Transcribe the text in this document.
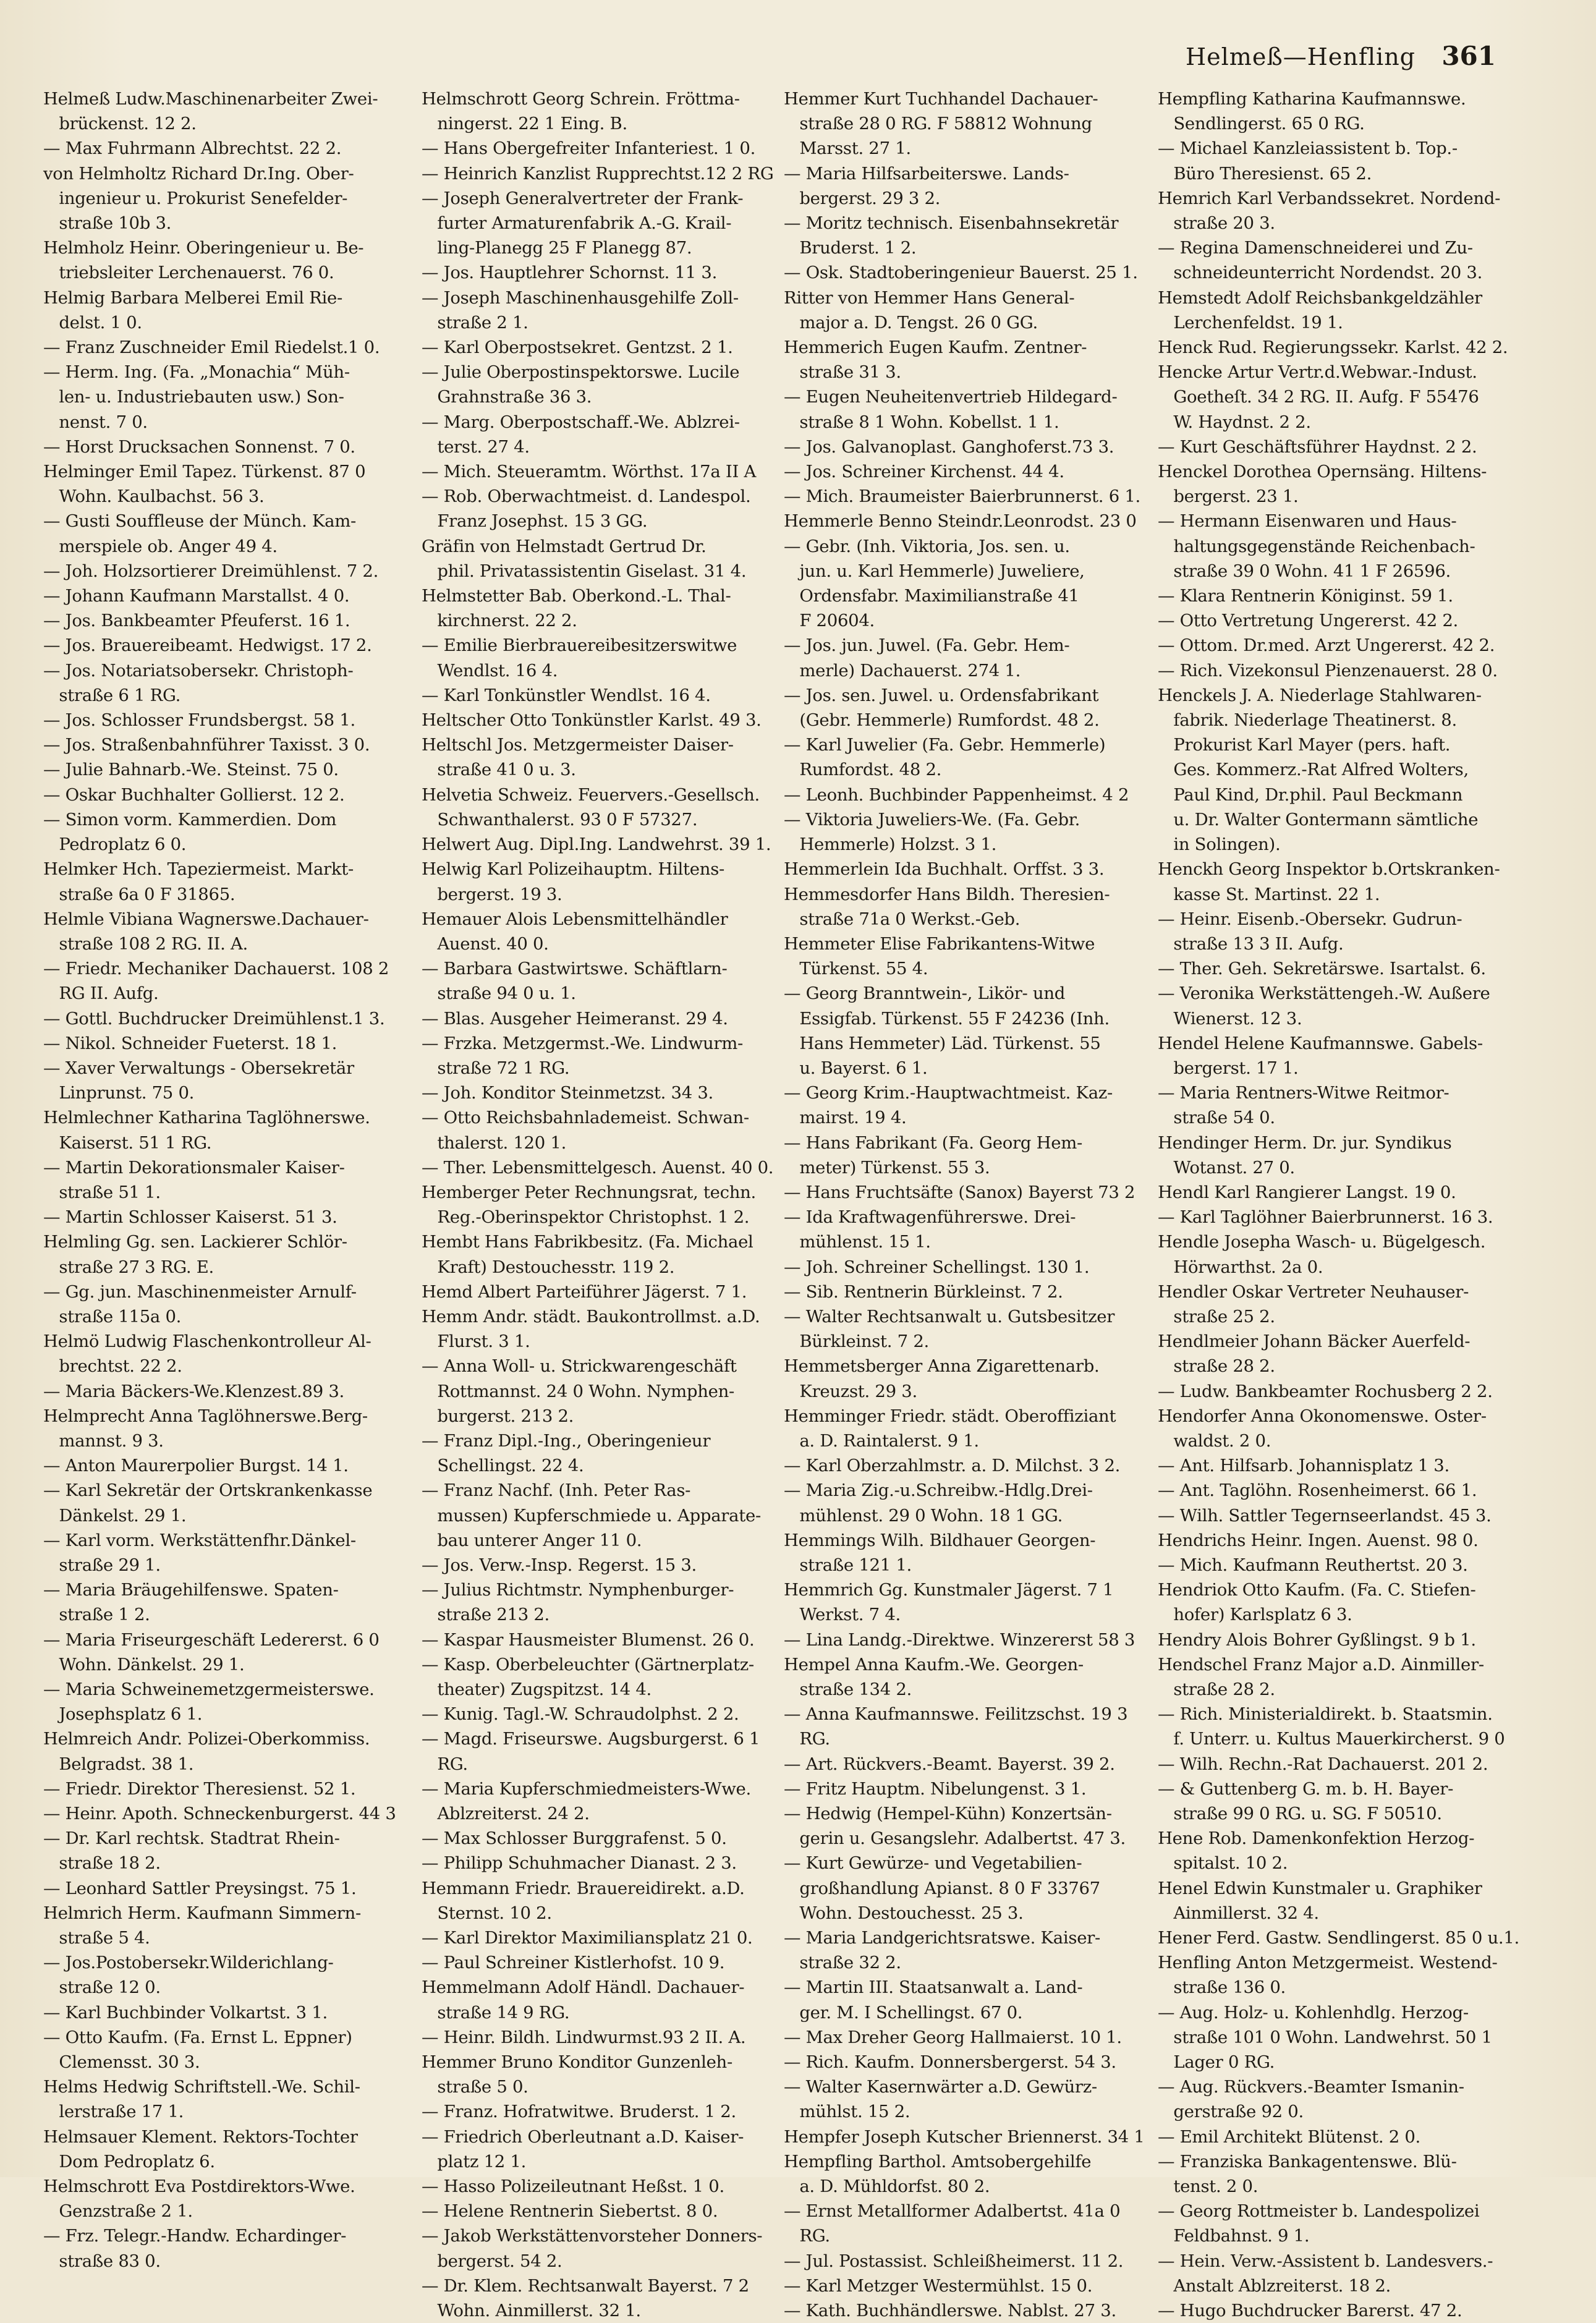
Helmeß—Henfling 361
Helmeß Ludw.Maschinenarbeiter Zwei-
brückenst. 12 2.
— Max Fuhrmann Albrechtst. 22 2.
von Helmholtz Richard Dr.Ing. Ober-
ingenieur u. Prokurist Senefelder-
straße 10b 3.
Helmholz Heinr. Oberingenieur u. Be-
triebsleiter Lerchenauerst. 76 0.
Helmig Barbara Melberei Emil Rie-
delst. 1 0.
— Franz Zuschneider Emil Riedelst.1 0.
— Herm. Ing. (Fa. „Monachia“ Müh-
len- u. Industriebauten usw.) Son-
nenst. 7 0.
— Horst Drucksachen Sonnenst. 7 0.
Helminger Emil Tapez. Türkenst. 87 0
Wohn. Kaulbachst. 56 3.
— Gusti Souffleuse der Münch. Kam-
merspiele ob. Anger 49 4.
— Joh. Holzsortierer Dreimühlenst. 7 2.
— Johann Kaufmann Marstallst. 4 0.
— Jos. Bankbeamter Pfeuferst. 16 1.
— Jos. Brauereibeamt. Hedwigst. 17 2.
— Jos. Notariatsobersekr. Christoph-
straße 6 1 RG.
— Jos. Schlosser Frundsbergst. 58 1.
— Jos. Straßenbahnführer Taxisst. 3 0.
— Julie Bahnarb.-We. Steinst. 75 0.
— Oskar Buchhalter Gollierst. 12 2.
— Simon vorm. Kammerdien. Dom
Pedroplatz 6 0.
Helmker Hch. Tapeziermeist. Markt-
straße 6a 0 F 31865.
Helmle Vibiana Wagnerswe.Dachauer-
straße 108 2 RG. II. A.
— Friedr. Mechaniker Dachauerst. 108 2
RG II. Aufg.
— Gottl. Buchdrucker Dreimühlenst.1 3.
— Nikol. Schneider Fueterst. 18 1.
— Xaver Verwaltungs - Obersekretär
Linprunst. 75 0.
Helmlechner Katharina Taglöhnerswe.
Kaiserst. 51 1 RG.
— Martin Dekorationsmaler Kaiser-
straße 51 1.
— Martin Schlosser Kaiserst. 51 3.
Helmling Gg. sen. Lackierer Schlör-
straße 27 3 RG. E.
— Gg. jun. Maschinenmeister Arnulf-
straße 115a 0.
Helmö Ludwig Flaschenkontrolleur Al-
brechtst. 22 2.
— Maria Bäckers-We.Klenzest.89 3.
Helmprecht Anna Taglöhnerswe.Berg-
mannst. 9 3.
— Anton Maurerpolier Burgst. 14 1.
— Karl Sekretär der Ortskrankenkasse
Dänkelst. 29 1.
— Karl vorm. Werkstättenfhr.Dänkel-
straße 29 1.
— Maria Bräugehilfenswe. Spaten-
straße 1 2.
— Maria Friseurgeschäft Ledererst. 6 0
Wohn. Dänkelst. 29 1.
— Maria Schweinemetzgermeisterswe.
Josephsplatz 6 1.
Helmreich Andr. Polizei-Oberkommiss.
Belgradst. 38 1.
— Friedr. Direktor Theresienst. 52 1.
— Heinr. Apoth. Schneckenburgerst. 44 3
— Dr. Karl rechtsk. Stadtrat Rhein-
straße 18 2.
— Leonhard Sattler Preysingst. 75 1.
Helmrich Herm. Kaufmann Simmern-
straße 5 4.
— Jos.Postobersekr.Wilderichlang-
straße 12 0.
— Karl Buchbinder Volkartst. 3 1.
— Otto Kaufm. (Fa. Ernst L. Eppner)
Clemensst. 30 3.
Helms Hedwig Schriftstell.-We. Schil-
lerstraße 17 1.
Helmsauer Klement. Rektors-Tochter
Dom Pedroplatz 6.
Helmschrott Eva Postdirektors-Wwe.
Genzstraße 2 1.
— Frz. Telegr.-Handw. Echardinger-
straße 83 0.
Helmschrott Georg Schrein. Fröttma-
ningerst. 22 1 Eing. B.
— Hans Obergefreiter Infanteriest. 1 0.
— Heinrich Kanzlist Rupprechtst.12 2 RG
— Joseph Generalvertreter der Frank-
furter Armaturenfabrik A.-G. Krail-
ling-Planegg 25 F Planegg 87.
— Jos. Hauptlehrer Schornst. 11 3.
— Joseph Maschinenhausgehilfe Zoll-
straße 2 1.
— Karl Oberpostsekret. Gentzst. 2 1.
— Julie Oberpostinspektorswe. Lucile
Grahnstraße 36 3.
— Marg. Oberpostschaff.-We. Ablzrei-
terst. 27 4.
— Mich. Steueramtm. Wörthst. 17a II A
— Rob. Oberwachtmeist. d. Landespol.
Franz Josephst. 15 3 GG.
Gräfin von Helmstadt Gertrud Dr.
phil. Privatassistentin Giselast. 31 4.
Helmstetter Bab. Oberkond.-L. Thal-
kirchnerst. 22 2.
— Emilie Bierbrauereibesitzerswitwe
Wendlst. 16 4.
— Karl Tonkünstler Wendlst. 16 4.
Heltscher Otto Tonkünstler Karlst. 49 3.
Heltschl Jos. Metzgermeister Daiser-
straße 41 0 u. 3.
Helvetia Schweiz. Feuervers.-Gesellsch.
Schwanthalerst. 93 0 F 57327.
Helwert Aug. Dipl.Ing. Landwehrst. 39 1.
Helwig Karl Polizeihauptm. Hiltens-
bergerst. 19 3.
Hemauer Alois Lebensmittelhändler
Auenst. 40 0.
— Barbara Gastwirtswe. Schäftlarn-
straße 94 0 u. 1.
— Blas. Ausgeher Heimeranst. 29 4.
— Frzka. Metzgermst.-We. Lindwurm-
straße 72 1 RG.
— Joh. Konditor Steinmetzst. 34 3.
— Otto Reichsbahnlademeist. Schwan-
thalerst. 120 1.
— Ther. Lebensmittelgesch. Auenst. 40 0.
Hemberger Peter Rechnungsrat, techn.
Reg.-Oberinspektor Christophst. 1 2.
Hembt Hans Fabrikbesitz. (Fa. Michael
Kraft) Destouchesstr. 119 2.
Hemd Albert Parteiführer Jägerst. 7 1.
Hemm Andr. städt. Baukontrollmst. a.D.
Flurst. 3 1.
— Anna Woll- u. Strickwarengeschäft
Rottmannst. 24 0 Wohn. Nymphen-
burgerst. 213 2.
— Franz Dipl.-Ing., Oberingenieur
Schellingst. 22 4.
— Franz Nachf. (Inh. Peter Ras-
mussen) Kupferschmiede u. Apparate-
bau unterer Anger 11 0.
— Jos. Verw.-Insp. Regerst. 15 3.
— Julius Richtmstr. Nymphenburger-
straße 213 2.
— Kaspar Hausmeister Blumenst. 26 0.
— Kasp. Oberbeleuchter (Gärtnerplatz-
theater) Zugspitzst. 14 4.
— Kunig. Tagl.-W. Schraudolphst. 2 2.
— Magd. Friseurswe. Augsburgerst. 6 1
RG.
— Maria Kupferschmiedmeisters-Wwe.
Ablzreiterst. 24 2.
— Max Schlosser Burggrafenst. 5 0.
— Philipp Schuhmacher Dianast. 2 3.
Hemmann Friedr. Brauereidirekt. a.D.
Sternst. 10 2.
— Karl Direktor Maximiliansplatz 21 0.
— Paul Schreiner Kistlerhofst. 10 9.
Hemmelmann Adolf Händl. Dachauer-
straße 14 9 RG.
— Heinr. Bildh. Lindwurmst.93 2 II. A.
Hemmer Bruno Konditor Gunzenleh-
straße 5 0.
— Franz. Hofratwitwe. Bruderst. 1 2.
— Friedrich Oberleutnant a.D. Kaiser-
platz 12 1.
— Hasso Polizeileutnant Heßst. 1 0.
— Helene Rentnerin Siebertst. 8 0.
— Jakob Werkstättenvorsteher Donners-
bergerst. 54 2.
— Dr. Klem. Rechtsanwalt Bayerst. 7 2
Wohn. Ainmillerst. 32 1.
Hemmer Kurt Tuchhandel Dachauer-
straße 28 0 RG. F 58812 Wohnung
Marsst. 27 1.
— Maria Hilfsarbeiterswe. Lands-
bergerst. 29 3 2.
— Moritz technisch. Eisenbahnsekretär
Bruderst. 1 2.
— Osk. Stadtoberingenieur Bauerst. 25 1.
Ritter von Hemmer Hans General-
major a. D. Tengst. 26 0 GG.
Hemmerich Eugen Kaufm. Zentner-
straße 31 3.
— Eugen Neuheitenvertrieb Hildegard-
straße 8 1 Wohn. Kobellst. 1 1.
— Jos. Galvanoplast. Ganghoferst.73 3.
— Jos. Schreiner Kirchenst. 44 4.
— Mich. Braumeister Baierbrunnerst. 6 1.
Hemmerle Benno Steindr.Leonrodst. 23 0
— Gebr. (Inh. Viktoria, Jos. sen. u.
jun. u. Karl Hemmerle) Juweliere,
Ordensfabr. Maximilianstraße 41
F 20604.
— Jos. jun. Juwel. (Fa. Gebr. Hem-
merle) Dachauerst. 274 1.
— Jos. sen. Juwel. u. Ordensfabrikant
(Gebr. Hemmerle) Rumfordst. 48 2.
— Karl Juwelier (Fa. Gebr. Hemmerle)
Rumfordst. 48 2.
— Leonh. Buchbinder Pappenheimst. 4 2
— Viktoria Juweliers-We. (Fa. Gebr.
Hemmerle) Holzst. 3 1.
Hemmerlein Ida Buchhalt. Orffst. 3 3.
Hemmesdorfer Hans Bildh. Theresien-
straße 71a 0 Werkst.-Geb.
Hemmeter Elise Fabrikantens-Witwe
Türkenst. 55 4.
— Georg Branntwein-, Likör- und
Essigfab. Türkenst. 55 F 24236 (Inh.
Hans Hemmeter) Läd. Türkenst. 55
u. Bayerst. 6 1.
— Georg Krim.-Hauptwachtmeist. Kaz-
mairst. 19 4.
— Hans Fabrikant (Fa. Georg Hem-
meter) Türkenst. 55 3.
— Hans Fruchtsäfte (Sanox) Bayerst 73 2
— Ida Kraftwagenführerswe. Drei-
mühlenst. 15 1.
— Joh. Schreiner Schellingst. 130 1.
— Sib. Rentnerin Bürkleinst. 7 2.
— Walter Rechtsanwalt u. Gutsbesitzer
Bürkleinst. 7 2.
Hemmetsberger Anna Zigarettenarb.
Kreuzst. 29 3.
Hemminger Friedr. städt. Oberoffiziant
a. D. Raintalerst. 9 1.
— Karl Oberzahlmstr. a. D. Milchst. 3 2.
— Maria Zig.-u.Schreibw.-Hdlg.Drei-
mühlenst. 29 0 Wohn. 18 1 GG.
Hemmings Wilh. Bildhauer Georgen-
straße 121 1.
Hemmrich Gg. Kunstmaler Jägerst. 7 1
Werkst. 7 4.
— Lina Landg.-Direktwe. Winzererst 58 3
Hempel Anna Kaufm.-We. Georgen-
straße 134 2.
— Anna Kaufmannswe. Feilitzschst. 19 3
RG.
— Art. Rückvers.-Beamt. Bayerst. 39 2.
— Fritz Hauptm. Nibelungenst. 3 1.
— Hedwig (Hempel-Kühn) Konzertsän-
gerin u. Gesangslehr. Adalbertst. 47 3.
— Kurt Gewürze- und Vegetabilien-
großhandlung Apianst. 8 0 F 33767
Wohn. Destouchesst. 25 3.
— Maria Landgerichtsratswe. Kaiser-
straße 32 2.
— Martin III. Staatsanwalt a. Land-
ger. M. I Schellingst. 67 0.
— Max Dreher Georg Hallmaierst. 10 1.
— Rich. Kaufm. Donnersbergerst. 54 3.
— Walter Kasernwärter a.D. Gewürz-
mühlst. 15 2.
Hempfer Joseph Kutscher Briennerst. 34 1
Hempfling Barthol. Amtsobergehilfe
a. D. Mühldorfst. 80 2.
— Ernst Metallformer Adalbertst. 41a 0
RG.
— Jul. Postassist. Schleißheimerst. 11 2.
— Karl Metzger Westermühlst. 15 0.
— Kath. Buchhändlerswe. Nablst. 27 3.
Hempfling Katharina Kaufmannswe.
Sendlingerst. 65 0 RG.
— Michael Kanzleiassistent b. Top.-
Büro Theresienst. 65 2.
Hemrich Karl Verbandssekret. Nordend-
straße 20 3.
— Regina Damenschneiderei und Zu-
schneideunterricht Nordendst. 20 3.
Hemstedt Adolf Reichsbankgeldzähler
Lerchenfeldst. 19 1.
Henck Rud. Regierungssekr. Karlst. 42 2.
Hencke Artur Vertr.d.Webwar.-Indust.
Goetheſt. 34 2 RG. II. Aufg. F 55476
W. Haydnst. 2 2.
— Kurt Geschäftsführer Haydnst. 2 2.
Henckel Dorothea Opernsäng. Hiltens-
bergerst. 23 1.
— Hermann Eisenwaren und Haus-
haltungsgegenstände Reichenbach-
straße 39 0 Wohn. 41 1 F 26596.
— Klara Rentnerin Königinst. 59 1.
— Otto Vertretung Ungererst. 42 2.
— Ottom. Dr.med. Arzt Ungererst. 42 2.
— Rich. Vizekonsul Pienzenauerst. 28 0.
Henckels J. A. Niederlage Stahlwaren-
fabrik. Niederlage Theatinerst. 8.
Prokurist Karl Mayer (pers. haft.
Ges. Kommerz.-Rat Alfred Wolters,
Paul Kind, Dr.phil. Paul Beckmann
u. Dr. Walter Gontermann sämtliche
in Solingen).
Henckh Georg Inspektor b.Ortskranken-
kasse St. Martinst. 22 1.
— Heinr. Eisenb.-Obersekr. Gudrun-
straße 13 3 II. Aufg.
— Ther. Geh. Sekretärswe. Isartalst. 6.
— Veronika Werkstättengeh.-W. Außere
Wienerst. 12 3.
Hendel Helene Kaufmannswe. Gabels-
bergerst. 17 1.
— Maria Rentners-Witwe Reitmor-
straße 54 0.
Hendinger Herm. Dr. jur. Syndikus
Wotanst. 27 0.
Hendl Karl Rangierer Langst. 19 0.
— Karl Taglöhner Baierbrunnerst. 16 3.
Hendle Josepha Wasch- u. Bügelgesch.
Hörwarthst. 2a 0.
Hendler Oskar Vertreter Neuhauser-
straße 25 2.
Hendlmeier Johann Bäcker Auerfeld-
straße 28 2.
— Ludw. Bankbeamter Rochusberg 2 2.
Hendorfer Anna Okonomenswe. Oster-
waldst. 2 0.
— Ant. Hilfsarb. Johannisplatz 1 3.
— Ant. Taglöhn. Rosenheimerst. 66 1.
— Wilh. Sattler Tegernseerlandst. 45 3.
Hendrichs Heinr. Ingen. Auenst. 98 0.
— Mich. Kaufmann Reuthertst. 20 3.
Hendriok Otto Kaufm. (Fa. C. Stiefen-
hofer) Karlsplatz 6 3.
Hendry Alois Bohrer Gyßlingst. 9 b 1.
Hendschel Franz Major a.D. Ainmiller-
straße 28 2.
— Rich. Ministerialdirekt. b. Staatsmin.
f. Unterr. u. Kultus Mauerkircherst. 9 0
— Wilh. Rechn.-Rat Dachauerst. 201 2.
— & Guttenberg G. m. b. H. Bayer-
straße 99 0 RG. u. SG. F 50510.
Hene Rob. Damenkonfektion Herzog-
spitalst. 10 2.
Henel Edwin Kunstmaler u. Graphiker
Ainmillerst. 32 4.
Hener Ferd. Gastw. Sendlingerst. 85 0 u.1.
Henfling Anton Metzgermeist. Westend-
straße 136 0.
— Aug. Holz- u. Kohlenhdlg. Herzog-
straße 101 0 Wohn. Landwehrst. 50 1
Lager 0 RG.
— Aug. Rückvers.-Beamter Ismanin-
gerstraße 92 0.
— Emil Architekt Blütenst. 2 0.
— Franziska Bankagentenswe. Blü-
tenst. 2 0.
— Georg Rottmeister b. Landespolizei
Feldbahnst. 9 1.
— Hein. Verw.-Assistent b. Landesvers.-
Anstalt Ablzreiterst. 18 2.
— Hugo Buchdrucker Barerst. 47 2.
